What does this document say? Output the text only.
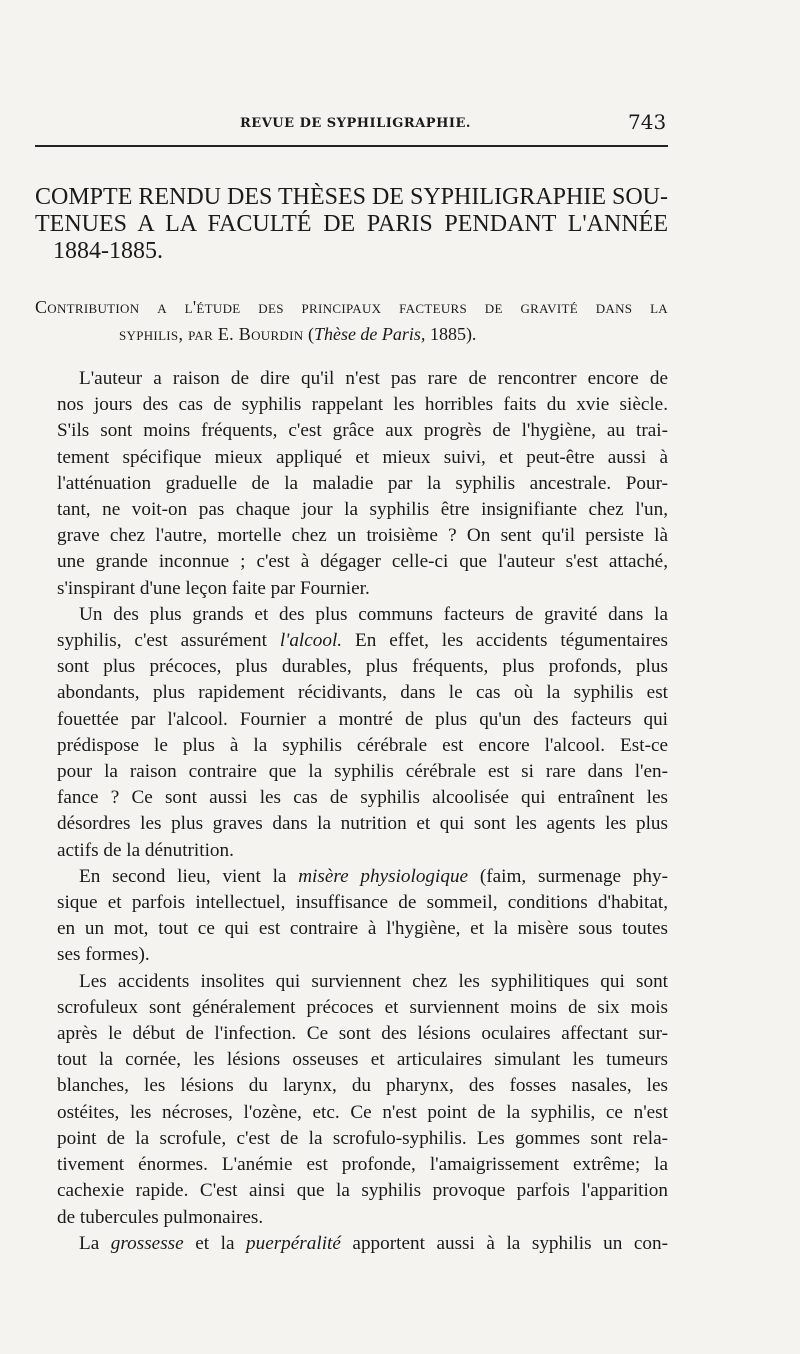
REVUE DE SYPHILIGRAPHIE.	743
COMPTE RENDU DES THÈSES DE SYPHILIGRAPHIE SOU-
TENUES A LA FACULTÉ DE PARIS PENDANT L'ANNÉE
1884-1885.
Contribution a l'étude des principaux facteurs de gravité dans la
syphilis, par E. Bourdin (Thèse de Paris, 1885).

L'auteur a raison de dire qu'il n'est pas rare de rencontrer encore de
nos jours des cas de syphilis rappelant les horribles faits du xvie siècle.
S'ils sont moins fréquents, c'est grâce aux progrès de l'hygiène, au trai-
tement spécifique mieux appliqué et mieux suivi, et peut-être aussi à
l'atténuation graduelle de la maladie par la syphilis ancestrale. Pour-
tant, ne voit-on pas chaque jour la syphilis être insignifiante chez l'un,
grave chez l'autre, mortelle chez un troisième ? On sent qu'il persiste là
une grande inconnue ; c'est à dégager celle-ci que l'auteur s'est attaché,
s'inspirant d'une leçon faite par Fournier.

Un des plus grands et des plus communs facteurs de gravité dans la
syphilis, c'est assurément l'alcool. En effet, les accidents tégumentaires
sont plus précoces, plus durables, plus fréquents, plus profonds, plus
abondants, plus rapidement récidivants, dans le cas où la syphilis est
fouettée par l'alcool. Fournier a montré de plus qu'un des facteurs qui
prédispose le plus à la syphilis cérébrale est encore l'alcool. Est-ce
pour la raison contraire que la syphilis cérébrale est si rare dans l'en-
fance ? Ce sont aussi les cas de syphilis alcoolisée qui entraînent les
désordres les plus graves dans la nutrition et qui sont les agents les plus
actifs de la dénutrition.

En second lieu, vient la misère physiologique (faim, surmenage phy-
sique et parfois intellectuel, insuffisance de sommeil, conditions d'habitat,
en un mot, tout ce qui est contraire à l'hygiène, et la misère sous toutes
ses formes).

Les accidents insolites qui surviennent chez les syphilitiques qui sont
scrofuleux sont généralement précoces et surviennent moins de six mois
après le début de l'infection. Ce sont des lésions oculaires affectant sur-
tout la cornée, les lésions osseuses et articulaires simulant les tumeurs
blanches, les lésions du larynx, du pharynx, des fosses nasales, les
ostéites, les nécroses, l'ozène, etc. Ce n'est point de la syphilis, ce n'est
point de la scrofule, c'est de la scrofulo-syphilis. Les gommes sont rela-
tivement énormes. L'anémie est profonde, l'amaigrissement extrême; la
cachexie rapide. C'est ainsi que la syphilis provoque parfois l'apparition
de tubercules pulmonaires.

La grossesse et la puerpéralité apportent aussi à la syphilis un con-
